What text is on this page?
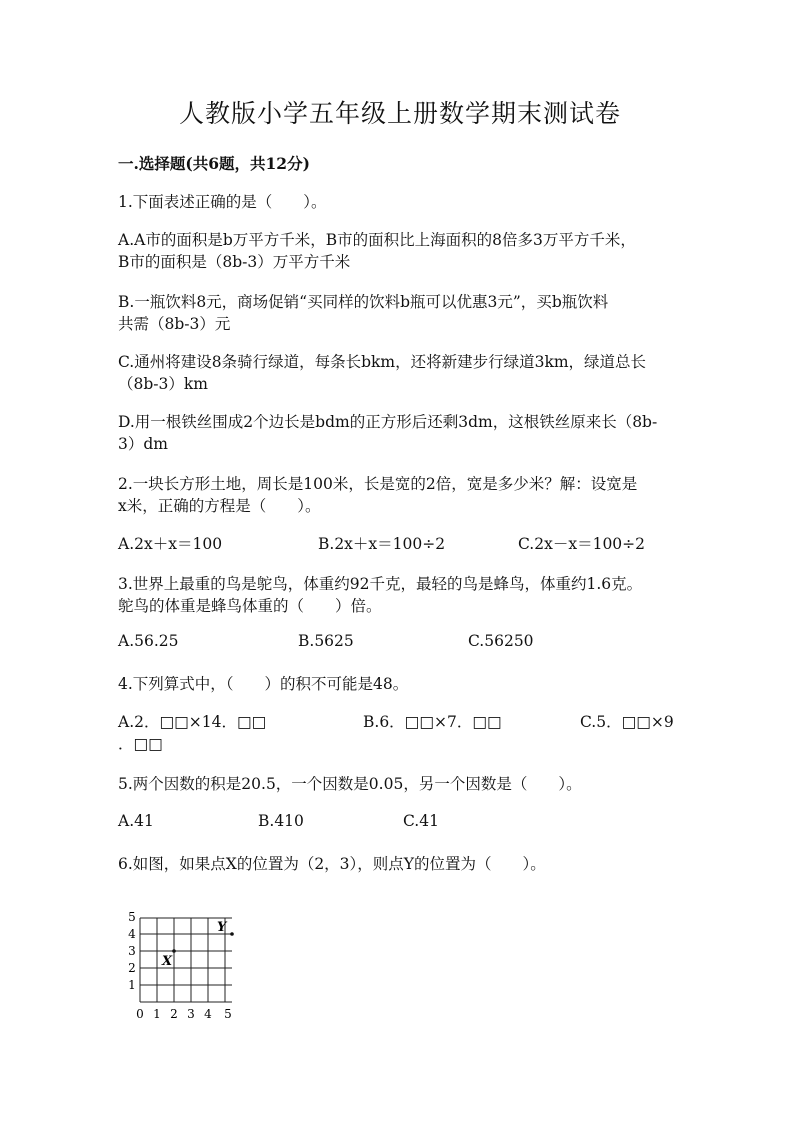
人教版小学五年级上册数学期末测试卷
一.选择题(共6题，共12分)
1.下面表述正确的是（　　）。
A.A市的面积是b万平方千米，B市的面积比上海面积的8倍多3万平方千米，
B市的面积是（8b-3）万平方千米
B.一瓶饮料8元，商场促销“买同样的饮料b瓶可以优惠3元”，买b瓶饮料
共需（8b-3）元
C.通州将建设8条骑行绿道，每条长bkm，还将新建步行绿道3km，绿道总长
（8b-3）km
D.用一根铁丝围成2个边长是bdm的正方形后还剩3dm，这根铁丝原来长（8b-
3）dm
2.一块长方形土地，周长是100米，长是宽的2倍，宽是多少米？解：设宽是
x米，正确的方程是（　　）。
A.2x＋x＝100	B.2x＋x＝100÷2	C.2x－x＝100÷2
3.世界上最重的鸟是鸵鸟，体重约92千克，最轻的鸟是蜂鸟，体重约1.6克。
鸵鸟的体重是蜂鸟体重的（　　）倍。
A.56.25	B.5625	C.56250
4.下列算式中，（　　）的积不可能是48。
A.2．□□×14．□□	B.6．□□×7．□□	C.5．□□×9
．□□
5.两个因数的积是20.5，一个因数是0.05，另一个因数是（　　）。
A.41	B.410	C.41
6.如图，如果点X的位置为（2，3），则点Y的位置为（　　）。
X
Y
0 1 2 3 4 5
1
2
3
4
5
